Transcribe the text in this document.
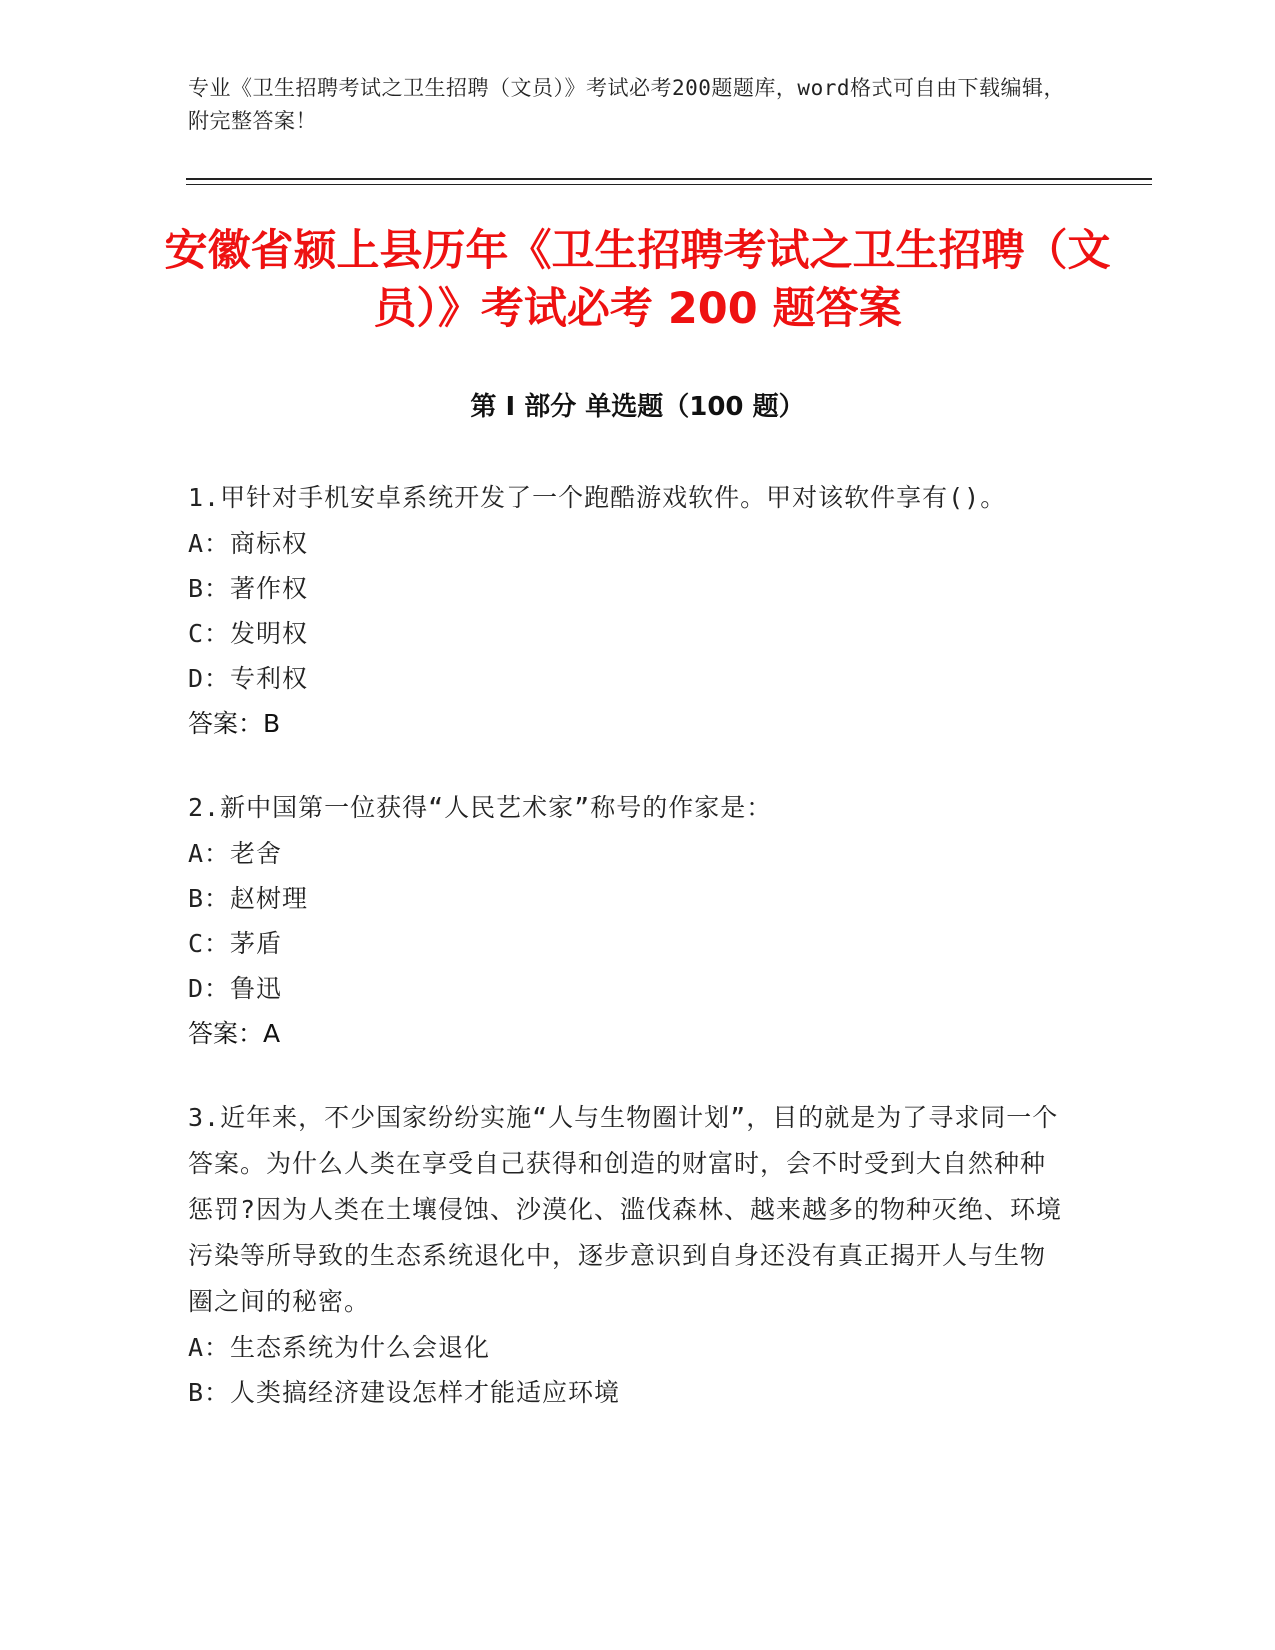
专业《卫生招聘考试之卫生招聘（文员）》考试必考200题题库，word格式可自由下载编辑，附完整答案！
安徽省颍上县历年《卫生招聘考试之卫生招聘（文员）》考试必考 200 题答案
第 I 部分 单选题（100 题）
1.甲针对手机安卓系统开发了一个跑酷游戏软件。甲对该软件享有()。
A：商标权
B：著作权
C：发明权
D：专利权
答案：B
2.新中国第一位获得“人民艺术家”称号的作家是：
A：老舍
B：赵树理
C：茅盾
D：鲁迅
答案：A
3.近年来，不少国家纷纷实施“人与生物圈计划”，目的就是为了寻求同一个答案。为什么人类在享受自己获得和创造的财富时，会不时受到大自然种种惩罚?因为人类在土壤侵蚀、沙漠化、滥伐森林、越来越多的物种灭绝、环境污染等所导致的生态系统退化中，逐步意识到自身还没有真正揭开人与生物圈之间的秘密。
A：生态系统为什么会退化
B：人类搞经济建设怎样才能适应环境
